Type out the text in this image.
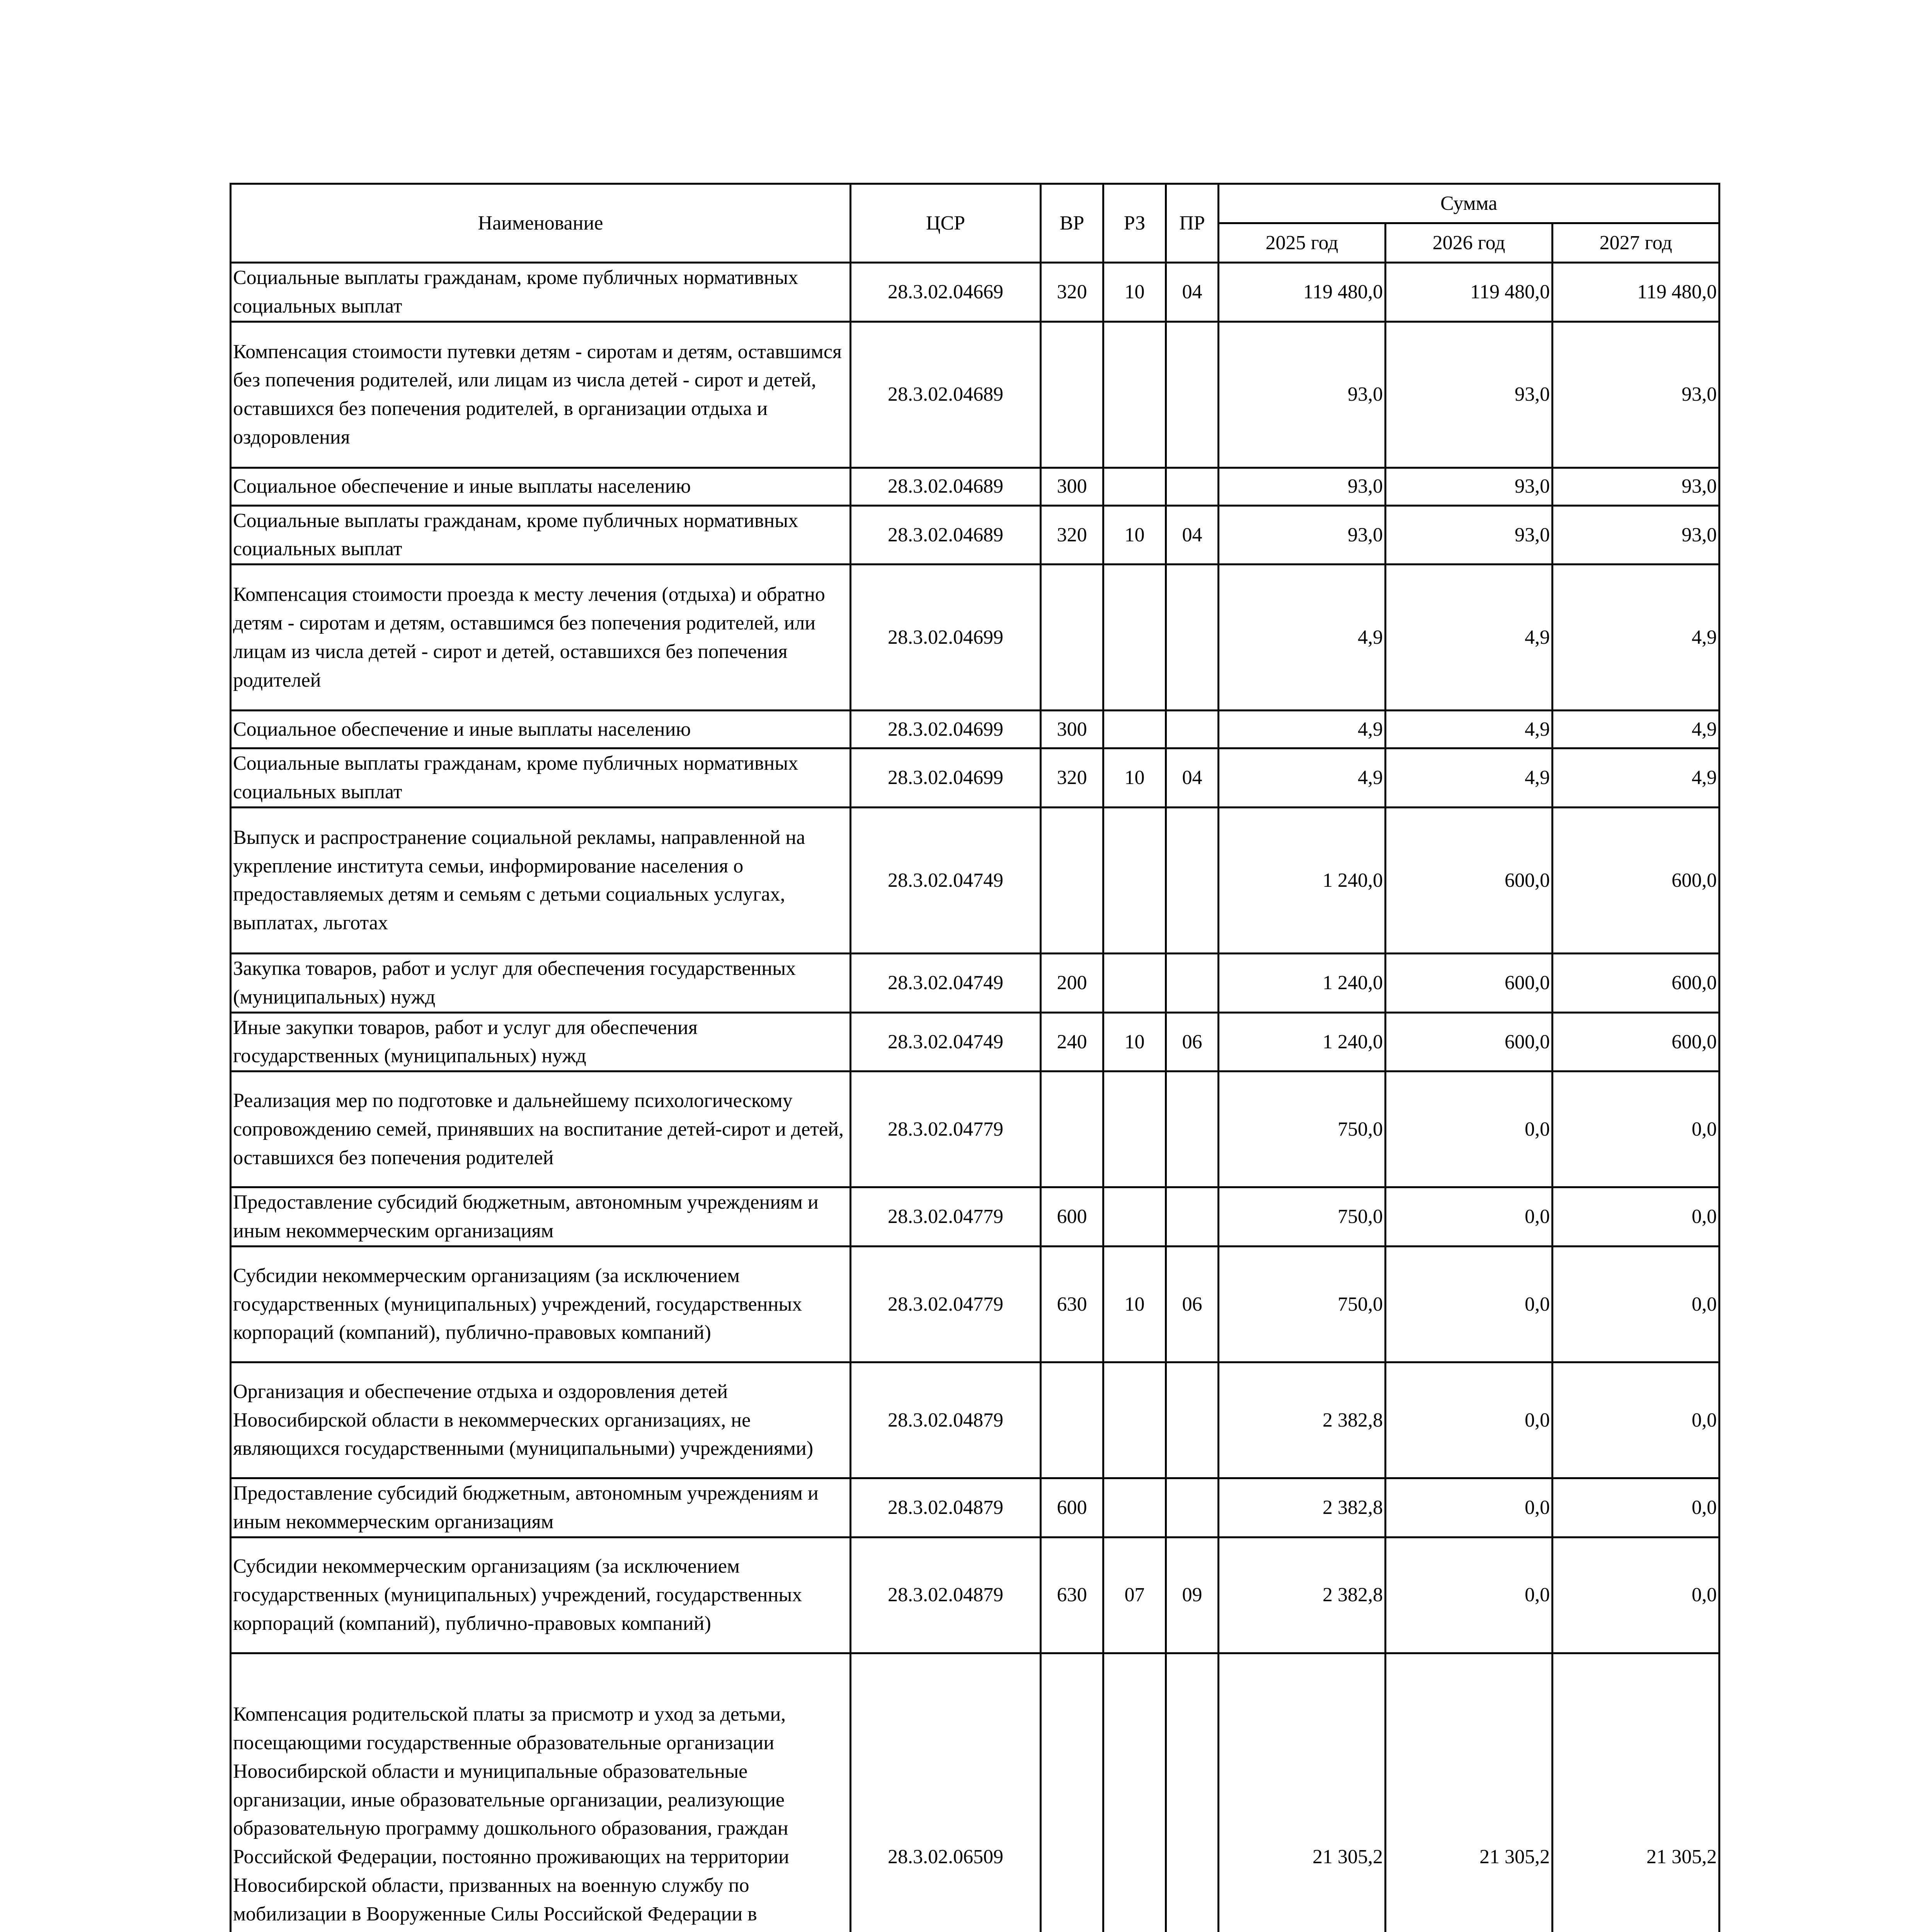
Наименование	ЦСР	ВР	РЗ	ПР	Сумма		
					2025 год	2026 год	2027 год
Социальные выплаты гражданам, кроме публичных нормативных социальных выплат	28.3.02.04669	320	10	04	119 480,0	119 480,0	119 480,0
Компенсация стоимости путевки детям - сиротам и детям, оставшимся без попечения родителей, или лицам из числа детей - сирот и детей, оставшихся без попечения родителей, в организации отдыха и оздоровления	28.3.02.04689				93,0	93,0	93,0
Социальное обеспечение и иные выплаты населению	28.3.02.04689	300			93,0	93,0	93,0
Социальные выплаты гражданам, кроме публичных нормативных социальных выплат	28.3.02.04689	320	10	04	93,0	93,0	93,0
Компенсация стоимости проезда к месту лечения (отдыха) и обратно детям - сиротам и детям, оставшимся без попечения родителей, или лицам из числа детей - сирот и детей, оставшихся без попечения родителей	28.3.02.04699				4,9	4,9	4,9
Социальное обеспечение и иные выплаты населению	28.3.02.04699	300			4,9	4,9	4,9
Социальные выплаты гражданам, кроме публичных нормативных социальных выплат	28.3.02.04699	320	10	04	4,9	4,9	4,9
Выпуск и распространение социальной рекламы, направленной на укрепление института семьи, информирование населения о предоставляемых детям и семьям с детьми социальных услугах, выплатах, льготах	28.3.02.04749				1 240,0	600,0	600,0
Закупка товаров, работ и услуг для обеспечения государственных (муниципальных) нужд	28.3.02.04749	200			1 240,0	600,0	600,0
Иные закупки товаров, работ и услуг для обеспечения государственных (муниципальных) нужд	28.3.02.04749	240	10	06	1 240,0	600,0	600,0
Реализация мер по подготовке и дальнейшему психологическому сопровождению семей, принявших на воспитание детей-сирот и детей, оставшихся без попечения родителей	28.3.02.04779				750,0	0,0	0,0
Предоставление субсидий бюджетным, автономным учреждениям и иным некоммерческим организациям	28.3.02.04779	600			750,0	0,0	0,0
Субсидии некоммерческим организациям (за исключением государственных (муниципальных) учреждений, государственных корпораций (компаний), публично-правовых компаний)	28.3.02.04779	630	10	06	750,0	0,0	0,0
Организация и обеспечение отдыха и оздоровления детей Новосибирской области в некоммерческих организациях, не являющихся государственными (муниципальными) учреждениями)	28.3.02.04879				2 382,8	0,0	0,0
Предоставление субсидий бюджетным, автономным учреждениям и иным некоммерческим организациям	28.3.02.04879	600			2 382,8	0,0	0,0
Субсидии некоммерческим организациям (за исключением государственных (муниципальных) учреждений, государственных корпораций (компаний), публично-правовых компаний)	28.3.02.04879	630	07	09	2 382,8	0,0	0,0
Компенсация родительской платы за присмотр и уход за детьми, посещающими государственные образовательные организации Новосибирской области и муниципальные образовательные организации, иные образовательные организации, реализующие образовательную программу дошкольного образования, граждан Российской Федерации, постоянно проживающих на территории Новосибирской области, призванных на военную службу по мобилизации в Вооруженные Силы Российской Федерации в	28.3.02.06509				21 305,2	21 305,2	21 305,2
